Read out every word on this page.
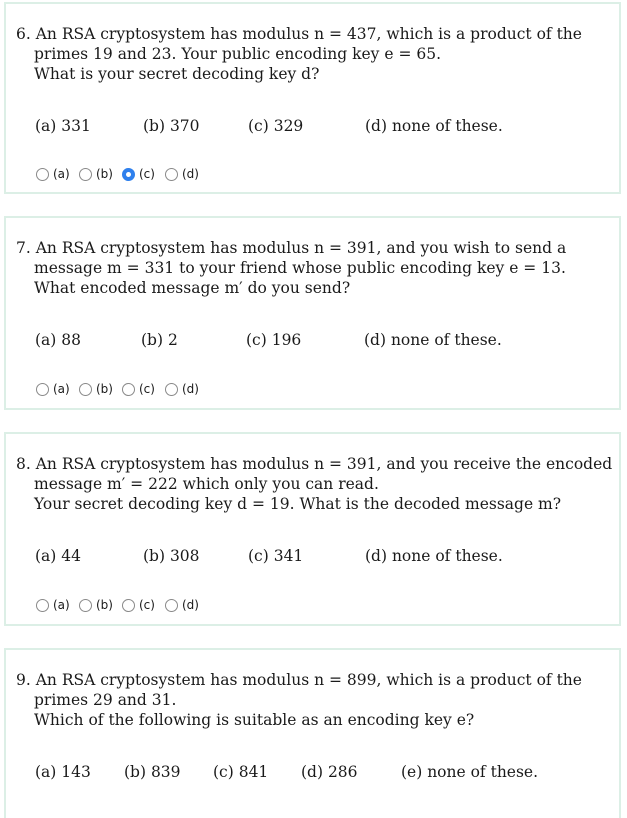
6. An RSA cryptosystem has modulus n = 437, which is a product of the
primes 19 and 23. Your public encoding key e = 65.
What is your secret decoding key d?
(a) 331	(b) 370	(c) 329	(d) none of these.
(a) (b) (c) (d)
7. An RSA cryptosystem has modulus n = 391, and you wish to send a
message m = 331 to your friend whose public encoding key e = 13.
What encoded message m′ do you send?
(a) 88	(b) 2	(c) 196	(d) none of these.
(a) (b) (c) (d)
8. An RSA cryptosystem has modulus n = 391, and you receive the encoded
message m′ = 222 which only you can read.
Your secret decoding key d = 19. What is the decoded message m?
(a) 44	(b) 308	(c) 341	(d) none of these.
(a) (b) (c) (d)
9. An RSA cryptosystem has modulus n = 899, which is a product of the
primes 29 and 31.
Which of the following is suitable as an encoding key e?
(a) 143 (b) 839 (c) 841 (d) 286	(e) none of these.
